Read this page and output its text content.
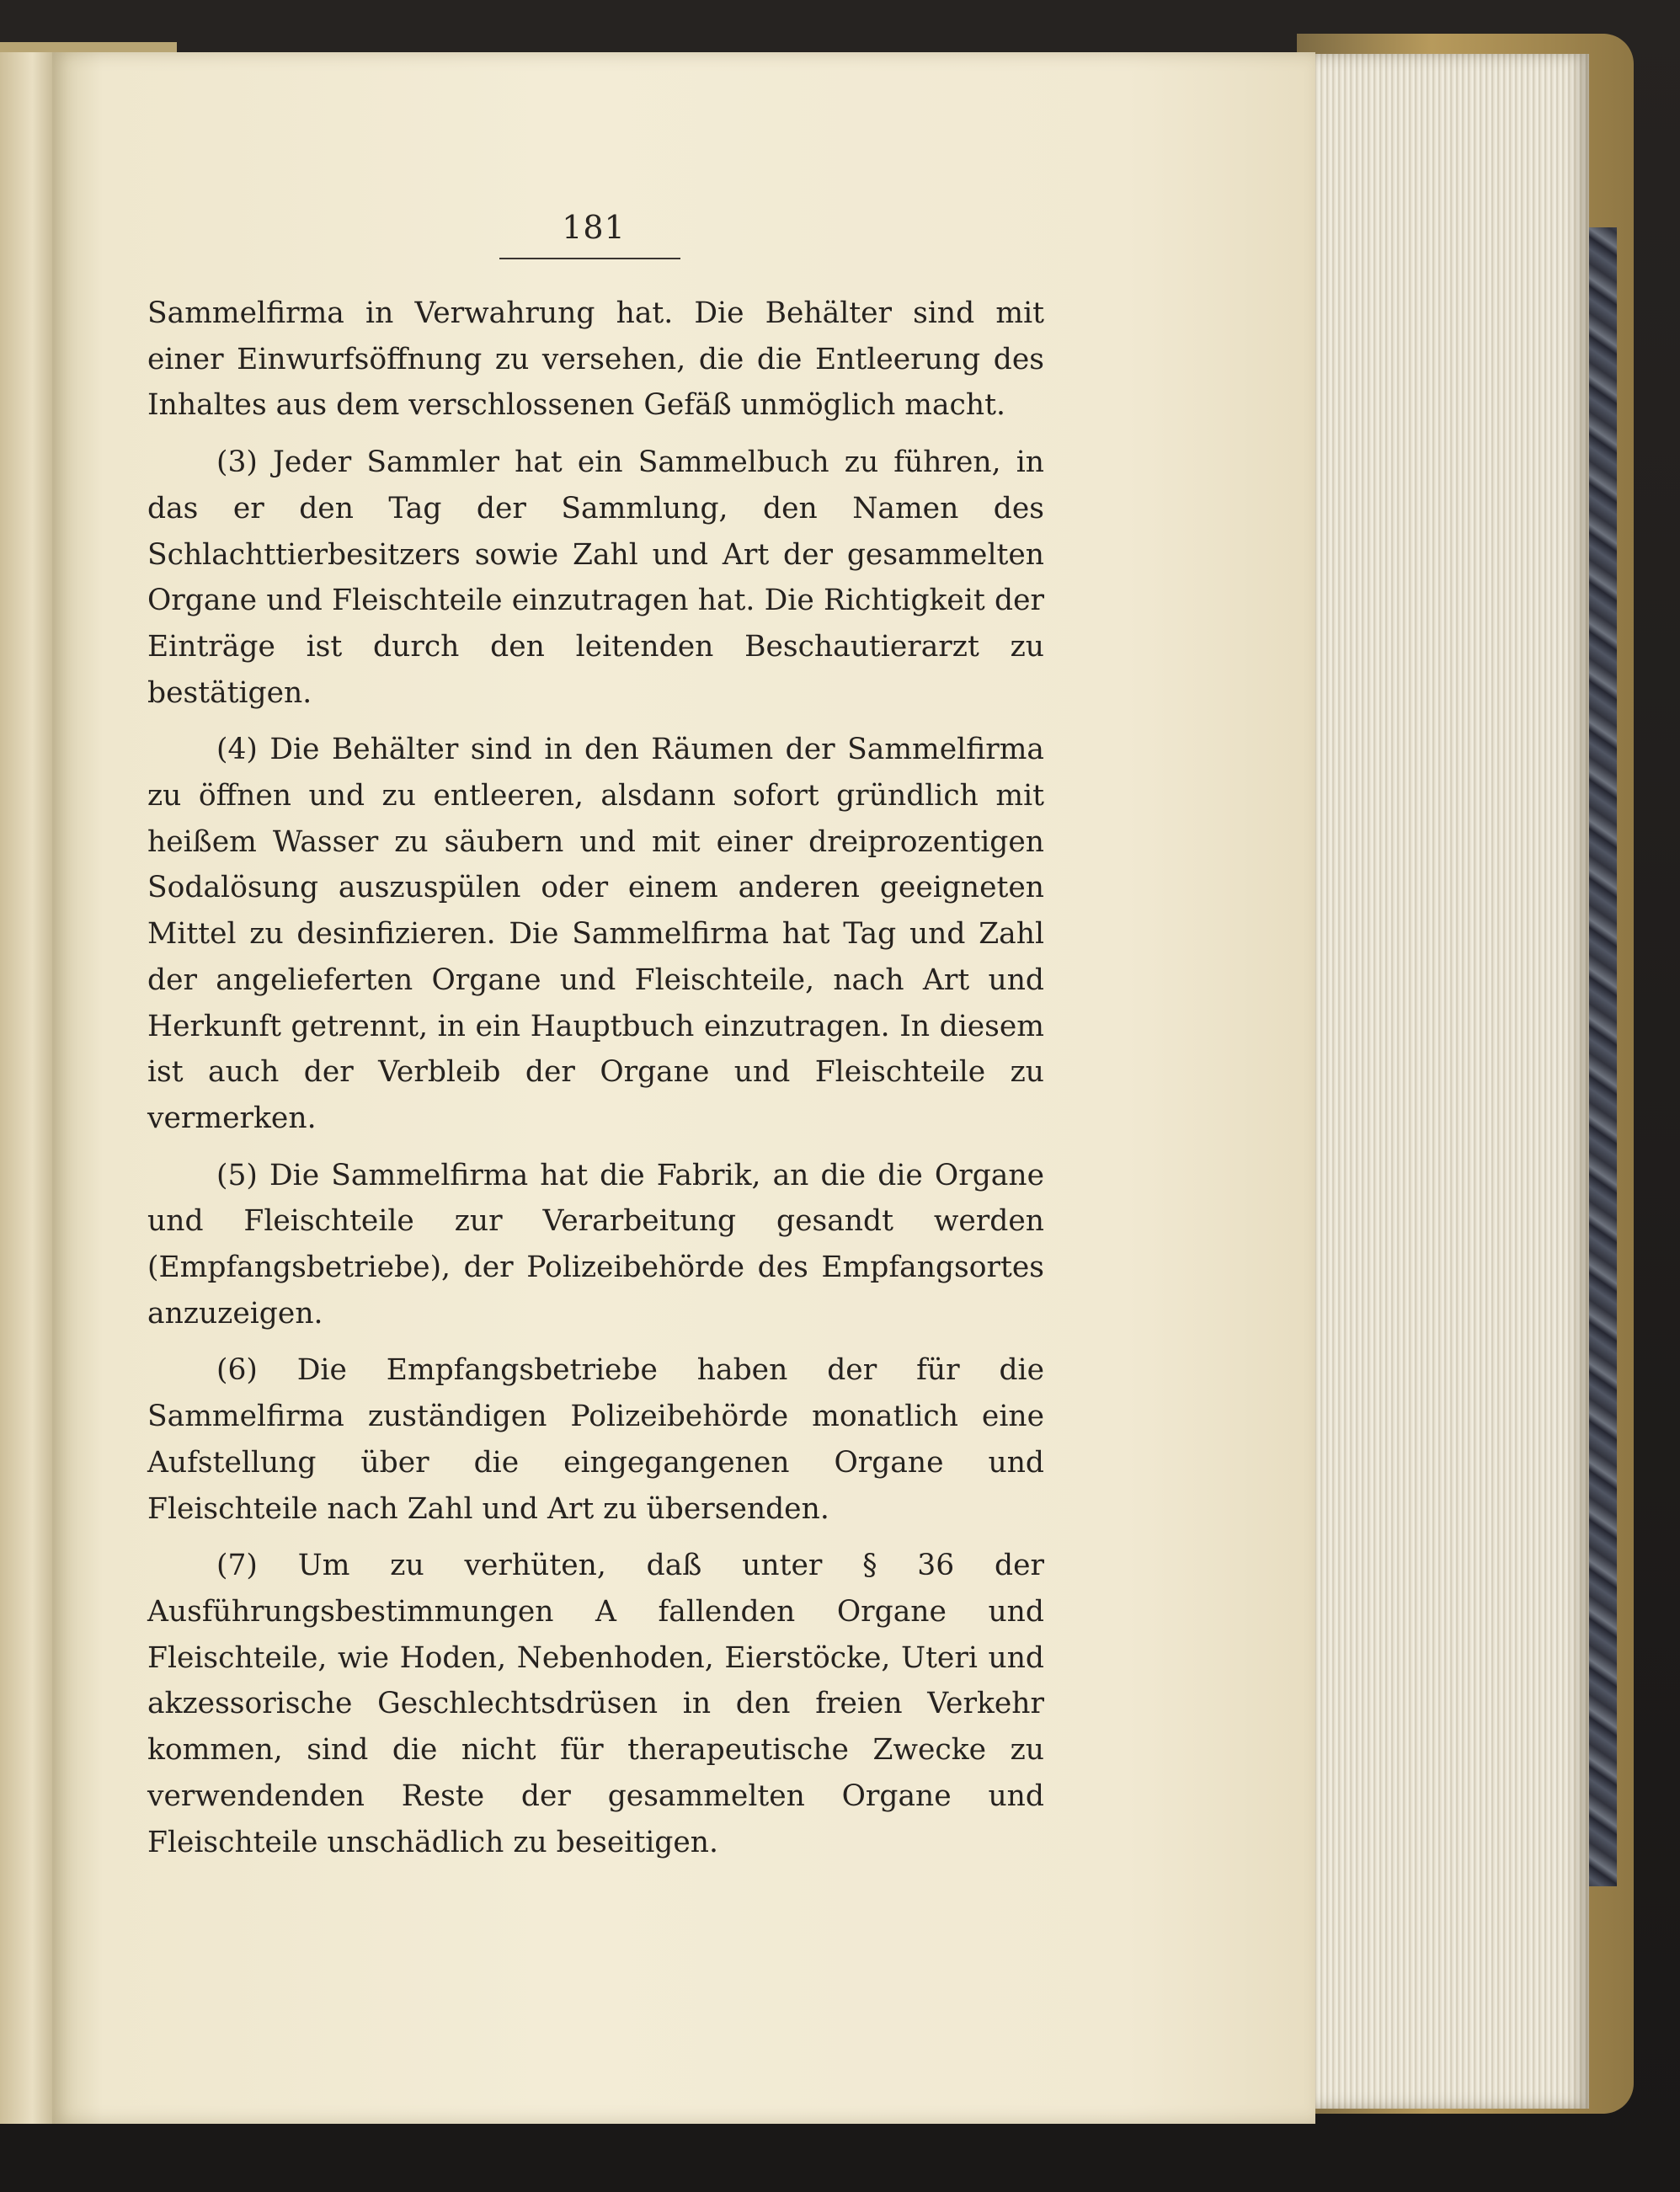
181

Sammelfirma in Verwahrung hat. Die Behälter sind mit einer Einwurfsöffnung zu versehen, die die Entleerung des Inhaltes aus dem verschlossenen Gefäß unmöglich macht.

(3) Jeder Sammler hat ein Sammelbuch zu führen, in das er den Tag der Sammlung, den Namen des Schlachttierbesitzers sowie Zahl und Art der gesammelten Organe und Fleischteile einzutragen hat. Die Richtigkeit der Einträge ist durch den leitenden Beschautierarzt zu bestätigen.

(4) Die Behälter sind in den Räumen der Sammelfirma zu öffnen und zu entleeren, alsdann sofort gründlich mit heißem Wasser zu säubern und mit einer dreiprozentigen Sodalösung auszuspülen oder einem anderen geeigneten Mittel zu desinfizieren. Die Sammelfirma hat Tag und Zahl der angelieferten Organe und Fleischteile, nach Art und Herkunft getrennt, in ein Hauptbuch einzutragen. In diesem ist auch der Verbleib der Organe und Fleischteile zu vermerken.

(5) Die Sammelfirma hat die Fabrik, an die die Organe und Fleischteile zur Verarbeitung gesandt werden (Empfangsbetriebe), der Polizeibehörde des Empfangsortes anzuzeigen.

(6) Die Empfangsbetriebe haben der für die Sammelfirma zuständigen Polizeibehörde monatlich eine Aufstellung über die eingegangenen Organe und Fleischteile nach Zahl und Art zu übersenden.

(7) Um zu verhüten, daß unter § 36 der Ausführungsbestimmungen A fallenden Organe und Fleischteile, wie Hoden, Nebenhoden, Eierstöcke, Uteri und akzessorische Geschlechtsdrüsen in den freien Verkehr kommen, sind die nicht für therapeutische Zwecke zu verwendenden Reste der gesammelten Organe und Fleischteile unschädlich zu beseitigen.
